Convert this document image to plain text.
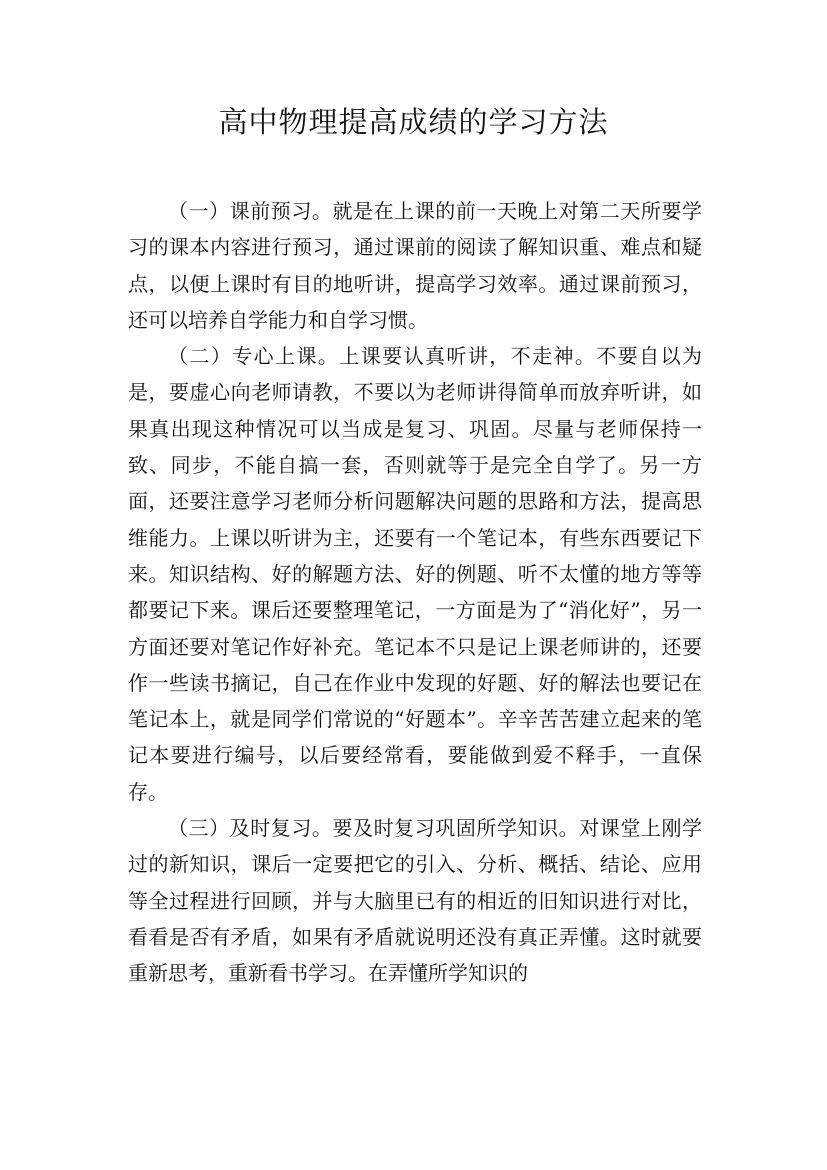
高中物理提高成绩的学习方法

（一）课前预习。就是在上课的前一天晚上对第二天所要学习的课本内容进行预习，通过课前的阅读了解知识重、难点和疑点，以便上课时有目的地听讲，提高学习效率。通过课前预习，还可以培养自学能力和自学习惯。

（二）专心上课。上课要认真听讲，不走神。不要自以为是，要虚心向老师请教，不要以为老师讲得简单而放弃听讲，如果真出现这种情况可以当成是复习、巩固。尽量与老师保持一致、同步，不能自搞一套，否则就等于是完全自学了。另一方面，还要注意学习老师分析问题解决问题的思路和方法，提高思维能力。上课以听讲为主，还要有一个笔记本，有些东西要记下来。知识结构、好的解题方法、好的例题、听不太懂的地方等等都要记下来。课后还要整理笔记，一方面是为了“消化好”，另一方面还要对笔记作好补充。笔记本不只是记上课老师讲的，还要作一些读书摘记，自己在作业中发现的好题、好的解法也要记在笔记本上，就是同学们常说的“好题本”。辛辛苦苦建立起来的笔记本要进行编号，以后要经常看，要能做到爱不释手，一直保存。

（三）及时复习。要及时复习巩固所学知识。对课堂上刚学过的新知识，课后一定要把它的引入、分析、概括、结论、应用等全过程进行回顾，并与大脑里已有的相近的旧知识进行对比，看看是否有矛盾，如果有矛盾就说明还没有真正弄懂。这时就要重新思考，重新看书学习。在弄懂所学知识的
